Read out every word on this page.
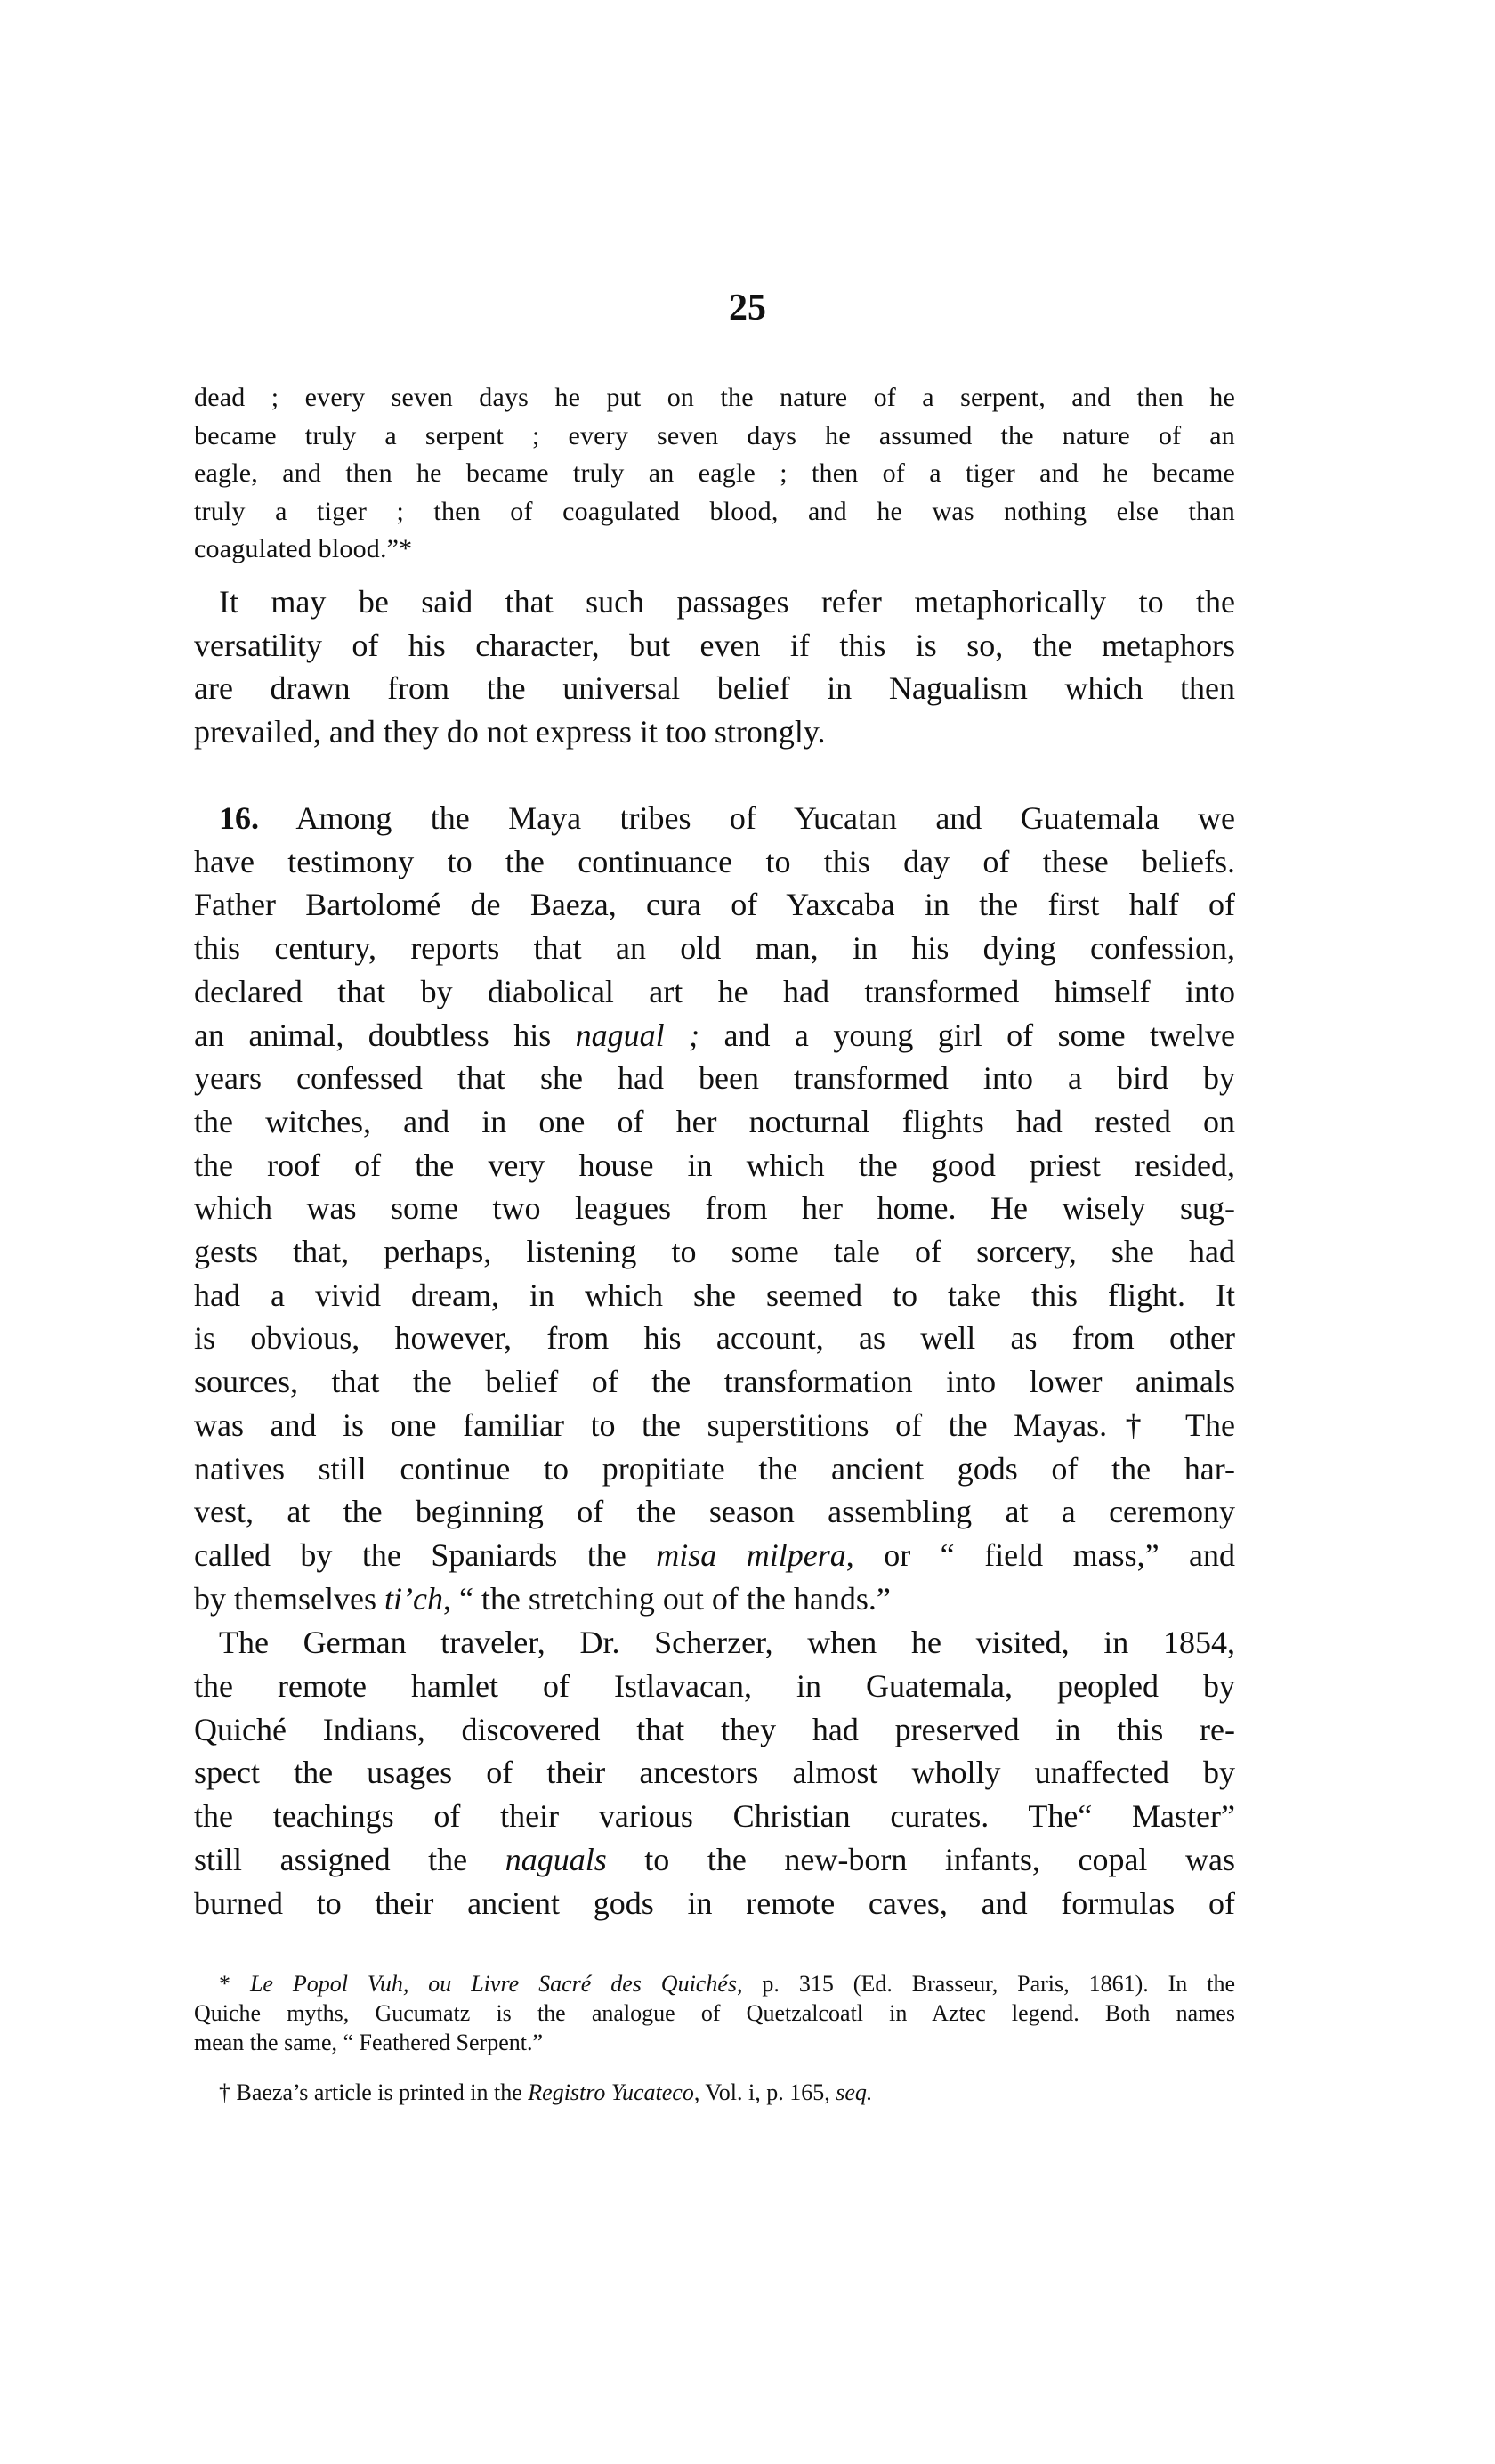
25
dead ; every seven days he put on the nature of a serpent, and then he
became truly a serpent ; every seven days he assumed the nature of an
eagle, and then he became truly an eagle ; then of a tiger and he became
truly a tiger ; then of coagulated blood, and he was nothing else than
coagulated blood.”*
It may be said that such passages refer metaphorically to the
versatility of his character, but even if this is so, the metaphors
are drawn from the universal belief in Nagualism which then
prevailed, and they do not express it too strongly.
16. Among the Maya tribes of Yucatan and Guatemala we
have testimony to the continuance to this day of these beliefs.
Father Bartolomé de Baeza, cura of Yaxcaba in the first half of
this century, reports that an old man, in his dying confession,
declared that by diabolical art he had transformed himself into
an animal, doubtless his nagual ; and a young girl of some twelve
years confessed that she had been transformed into a bird by
the witches, and in one of her nocturnal flights had rested on
the roof of the very house in which the good priest resided,
which was some two leagues from her home. He wisely sug-
gests that, perhaps, listening to some tale of sorcery, she had
had a vivid dream, in which she seemed to take this flight. It
is obvious, however, from his account, as well as from other
sources, that the belief of the transformation into lower animals
was and is one familiar to the superstitions of the Mayas.† The
natives still continue to propitiate the ancient gods of the har-
vest, at the beginning of the season assembling at a ceremony
called by the Spaniards the misa milpera, or “ field mass,” and
by themselves ti’ch, “ the stretching out of the hands.”
The German traveler, Dr. Scherzer, when he visited, in 1854,
the remote hamlet of Istlavacan, in Guatemala, peopled by
Quiché Indians, discovered that they had preserved in this re-
spect the usages of their ancestors almost wholly unaffected by
the teachings of their various Christian curates. The“ Master”
still assigned the naguals to the new-born infants, copal was
burned to their ancient gods in remote caves, and formulas of
* Le Popol Vuh, ou Livre Sacré des Quichés, p. 315 (Ed. Brasseur, Paris, 1861). In the
Quiche myths, Gucumatz is the analogue of Quetzalcoatl in Aztec legend. Both names
mean the same, “ Feathered Serpent.”
† Baeza’s article is printed in the Registro Yucateco, Vol. i, p. 165, seq.
